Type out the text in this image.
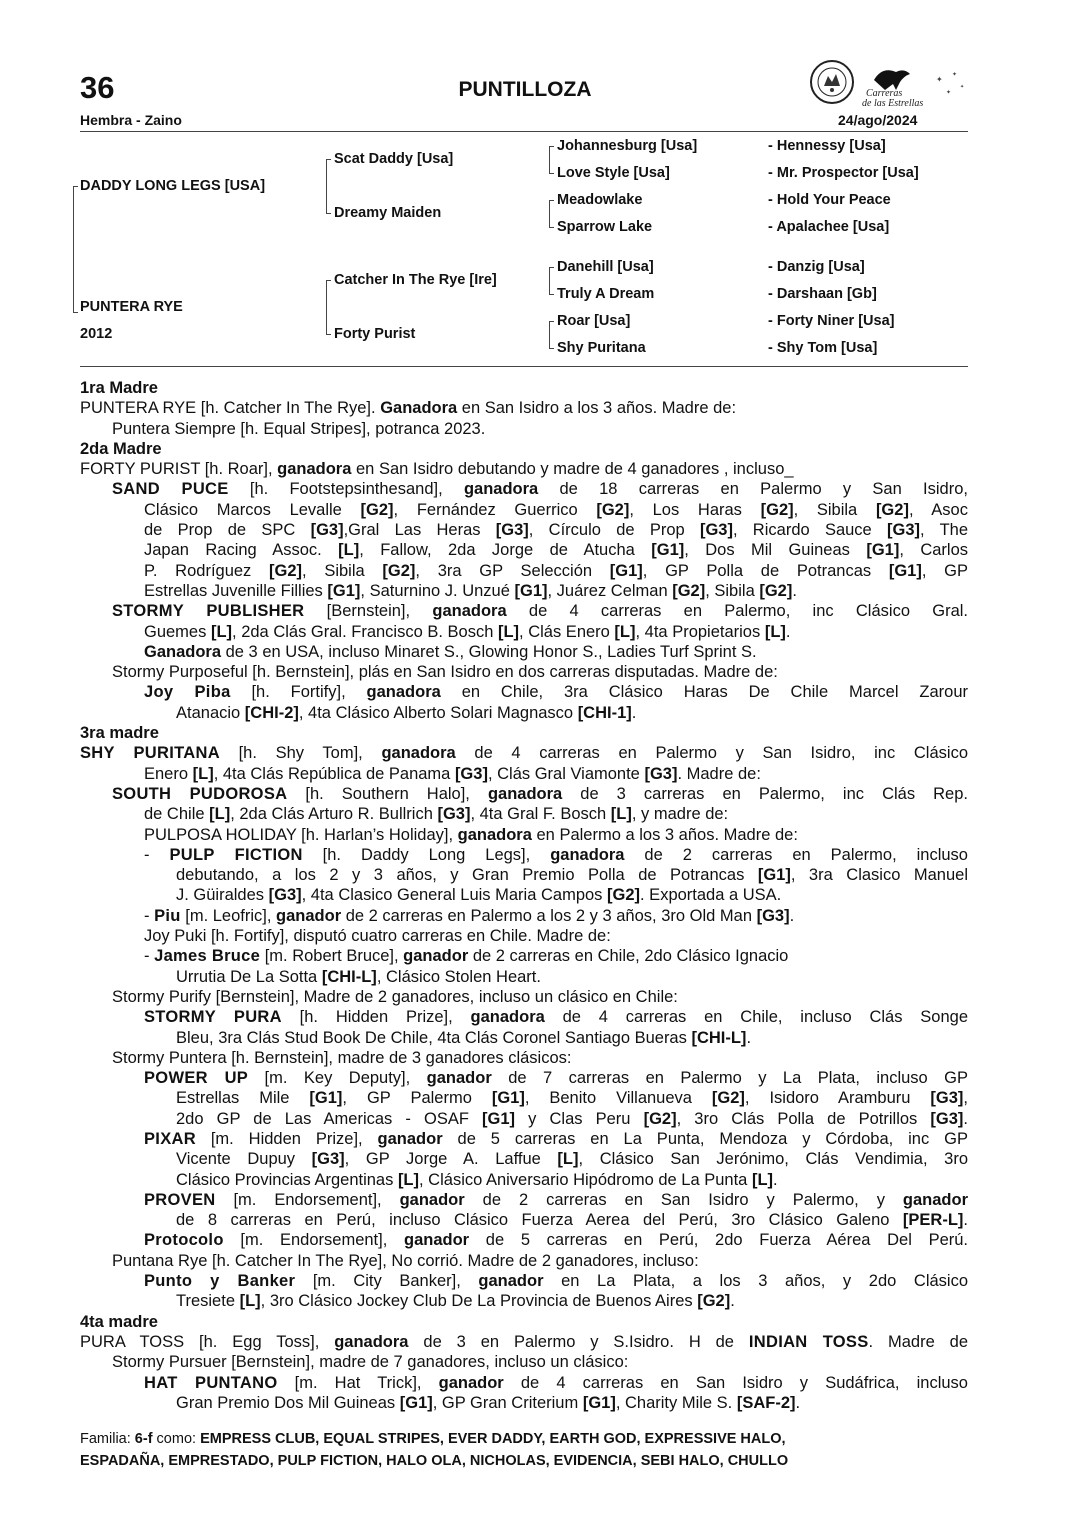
36	PUNTILLOZA
Hembra - Zaino	24/ago/2024
Carreras
de las Estrellas
✦ ✦
✦
✦
DADDY LONG LEGS [USA]
PUNTERA RYE
2012
Scat Daddy [Usa]
Dreamy Maiden
Catcher In The Rye [Ire]
Forty Purist
Johannesburg [Usa]
Love Style [Usa]
Meadowlake
Sparrow Lake
Danehill [Usa]
Truly A Dream
Roar [Usa]
Shy Puritana
- Hennessy [Usa]
- Mr. Prospector [Usa]
- Hold Your Peace
- Apalachee [Usa]
- Danzig [Usa]
- Darshaan [Gb]
- Forty Niner [Usa]
- Shy Tom [Usa]
1ra Madre
PUNTERA RYE [h. Catcher In The Rye]. Ganadora en San Isidro a los 3 años. Madre de:
Puntera Siempre [h. Equal Stripes], potranca 2023.
2da Madre
FORTY PURIST [h. Roar], ganadora en San Isidro debutando y madre de 4 ganadores , incluso_
SAND PUCE [h. Footstepsinthesand], ganadora de 18 carreras en Palermo y San Isidro,
Clásico Marcos Levalle [G2], Fernández Guerrico [G2], Los Haras [G2], Sibila [G2], Asoc
de Prop de SPC [G3],Gral Las Heras [G3], Círculo de Prop [G3], Ricardo Sauce [G3], The
Japan Racing Assoc. [L], Fallow, 2da Jorge de Atucha [G1], Dos Mil Guineas [G1], Carlos
P. Rodríguez [G2], Sibila [G2], 3ra GP Selección [G1], GP Polla de Potrancas [G1], GP
Estrellas Juvenille Fillies [G1], Saturnino J. Unzué [G1], Juárez Celman [G2], Sibila [G2].
STORMY PUBLISHER [Bernstein], ganadora de 4 carreras en Palermo, inc Clásico Gral.
Guemes [L], 2da Clás Gral. Francisco B. Bosch [L], Clás Enero [L], 4ta Propietarios [L].
Ganadora de 3 en USA, incluso Minaret S., Glowing Honor S., Ladies Turf Sprint S.
Stormy Purposeful [h. Bernstein], plás en San Isidro en dos carreras disputadas. Madre de:
Joy Piba [h. Fortify], ganadora en Chile, 3ra Clásico Haras De Chile Marcel Zarour
Atanacio [CHI-2], 4ta Clásico Alberto Solari Magnasco [CHI-1].
3ra madre
SHY PURITANA [h. Shy Tom], ganadora de 4 carreras en Palermo y San Isidro, inc Clásico
Enero [L], 4ta Clás República de Panama [G3], Clás Gral Viamonte [G3]. Madre de:
SOUTH PUDOROSA [h. Southern Halo], ganadora de 3 carreras en Palermo, inc Clás Rep.
de Chile [L], 2da Clás Arturo R. Bullrich [G3], 4ta Gral F. Bosch [L], y madre de:
PULPOSA HOLIDAY [h. Harlan’s Holiday], ganadora en Palermo a los 3 años. Madre de:
- PULP FICTION [h. Daddy Long Legs], ganadora de 2 carreras en Palermo, incluso
debutando, a los 2 y 3 años, y Gran Premio Polla de Potrancas [G1], 3ra Clasico Manuel
J. Güiraldes [G3], 4ta Clasico General Luis Maria Campos [G2]. Exportada a USA.
- Piu [m. Leofric], ganador de 2 carreras en Palermo a los 2 y 3 años, 3ro Old Man [G3].
Joy Puki [h. Fortify], disputó cuatro carreras en Chile. Madre de:
- James Bruce [m. Robert Bruce], ganador de 2 carreras en Chile, 2do Clásico Ignacio
Urrutia De La Sotta [CHI-L], Clásico Stolen Heart.
Stormy Purify [Bernstein], Madre de 2 ganadores, incluso un clásico en Chile:
STORMY PURA [h. Hidden Prize], ganadora de 4 carreras en Chile, incluso Clás Songe
Bleu, 3ra Clás Stud Book De Chile, 4ta Clás Coronel Santiago Bueras [CHI-L].
Stormy Puntera [h. Bernstein], madre de 3 ganadores clásicos:
POWER UP [m. Key Deputy], ganador de 7 carreras en Palermo y La Plata, incluso GP
Estrellas Mile [G1], GP Palermo [G1], Benito Villanueva [G2], Isidoro Aramburu [G3],
2do GP de Las Americas - OSAF [G1] y Clas Peru [G2], 3ro Clás Polla de Potrillos [G3].
PIXAR [m. Hidden Prize], ganador de 5 carreras en La Punta, Mendoza y Córdoba, inc GP
Vicente Dupuy [G3], GP Jorge A. Laffue [L], Clásico San Jerónimo, Clás Vendimia, 3ro
Clásico Provincias Argentinas [L], Clásico Aniversario Hipódromo de La Punta [L].
PROVEN [m. Endorsement], ganador de 2 carreras en San Isidro y Palermo, y ganador
de 8 carreras en Perú, incluso Clásico Fuerza Aerea del Perú, 3ro Clásico Galeno [PER-L].
Protocolo [m. Endorsement], ganador de 5 carreras en Perú, 2do Fuerza Aérea Del Perú.
Puntana Rye [h. Catcher In The Rye], No corrió. Madre de 2 ganadores, incluso:
Punto y Banker [m. City Banker], ganador en La Plata, a los 3 años, y 2do Clásico
Tresiete [L], 3ro Clásico Jockey Club De La Provincia de Buenos Aires [G2].
4ta madre
PURA TOSS [h. Egg Toss], ganadora de 3 en Palermo y S.Isidro. H de INDIAN TOSS. Madre de
Stormy Pursuer [Bernstein], madre de 7 ganadores, incluso un clásico:
HAT PUNTANO [m. Hat Trick], ganador de 4 carreras en San Isidro y Sudáfrica, incluso
Gran Premio Dos Mil Guineas [G1], GP Gran Criterium [G1], Charity Mile S. [SAF-2].
Familia: 6-f como: EMPRESS CLUB, EQUAL STRIPES, EVER DADDY, EARTH GOD, EXPRESSIVE HALO,
ESPADAÑA, EMPRESTADO, PULP FICTION, HALO OLA, NICHOLAS, EVIDENCIA, SEBI HALO, CHULLO
